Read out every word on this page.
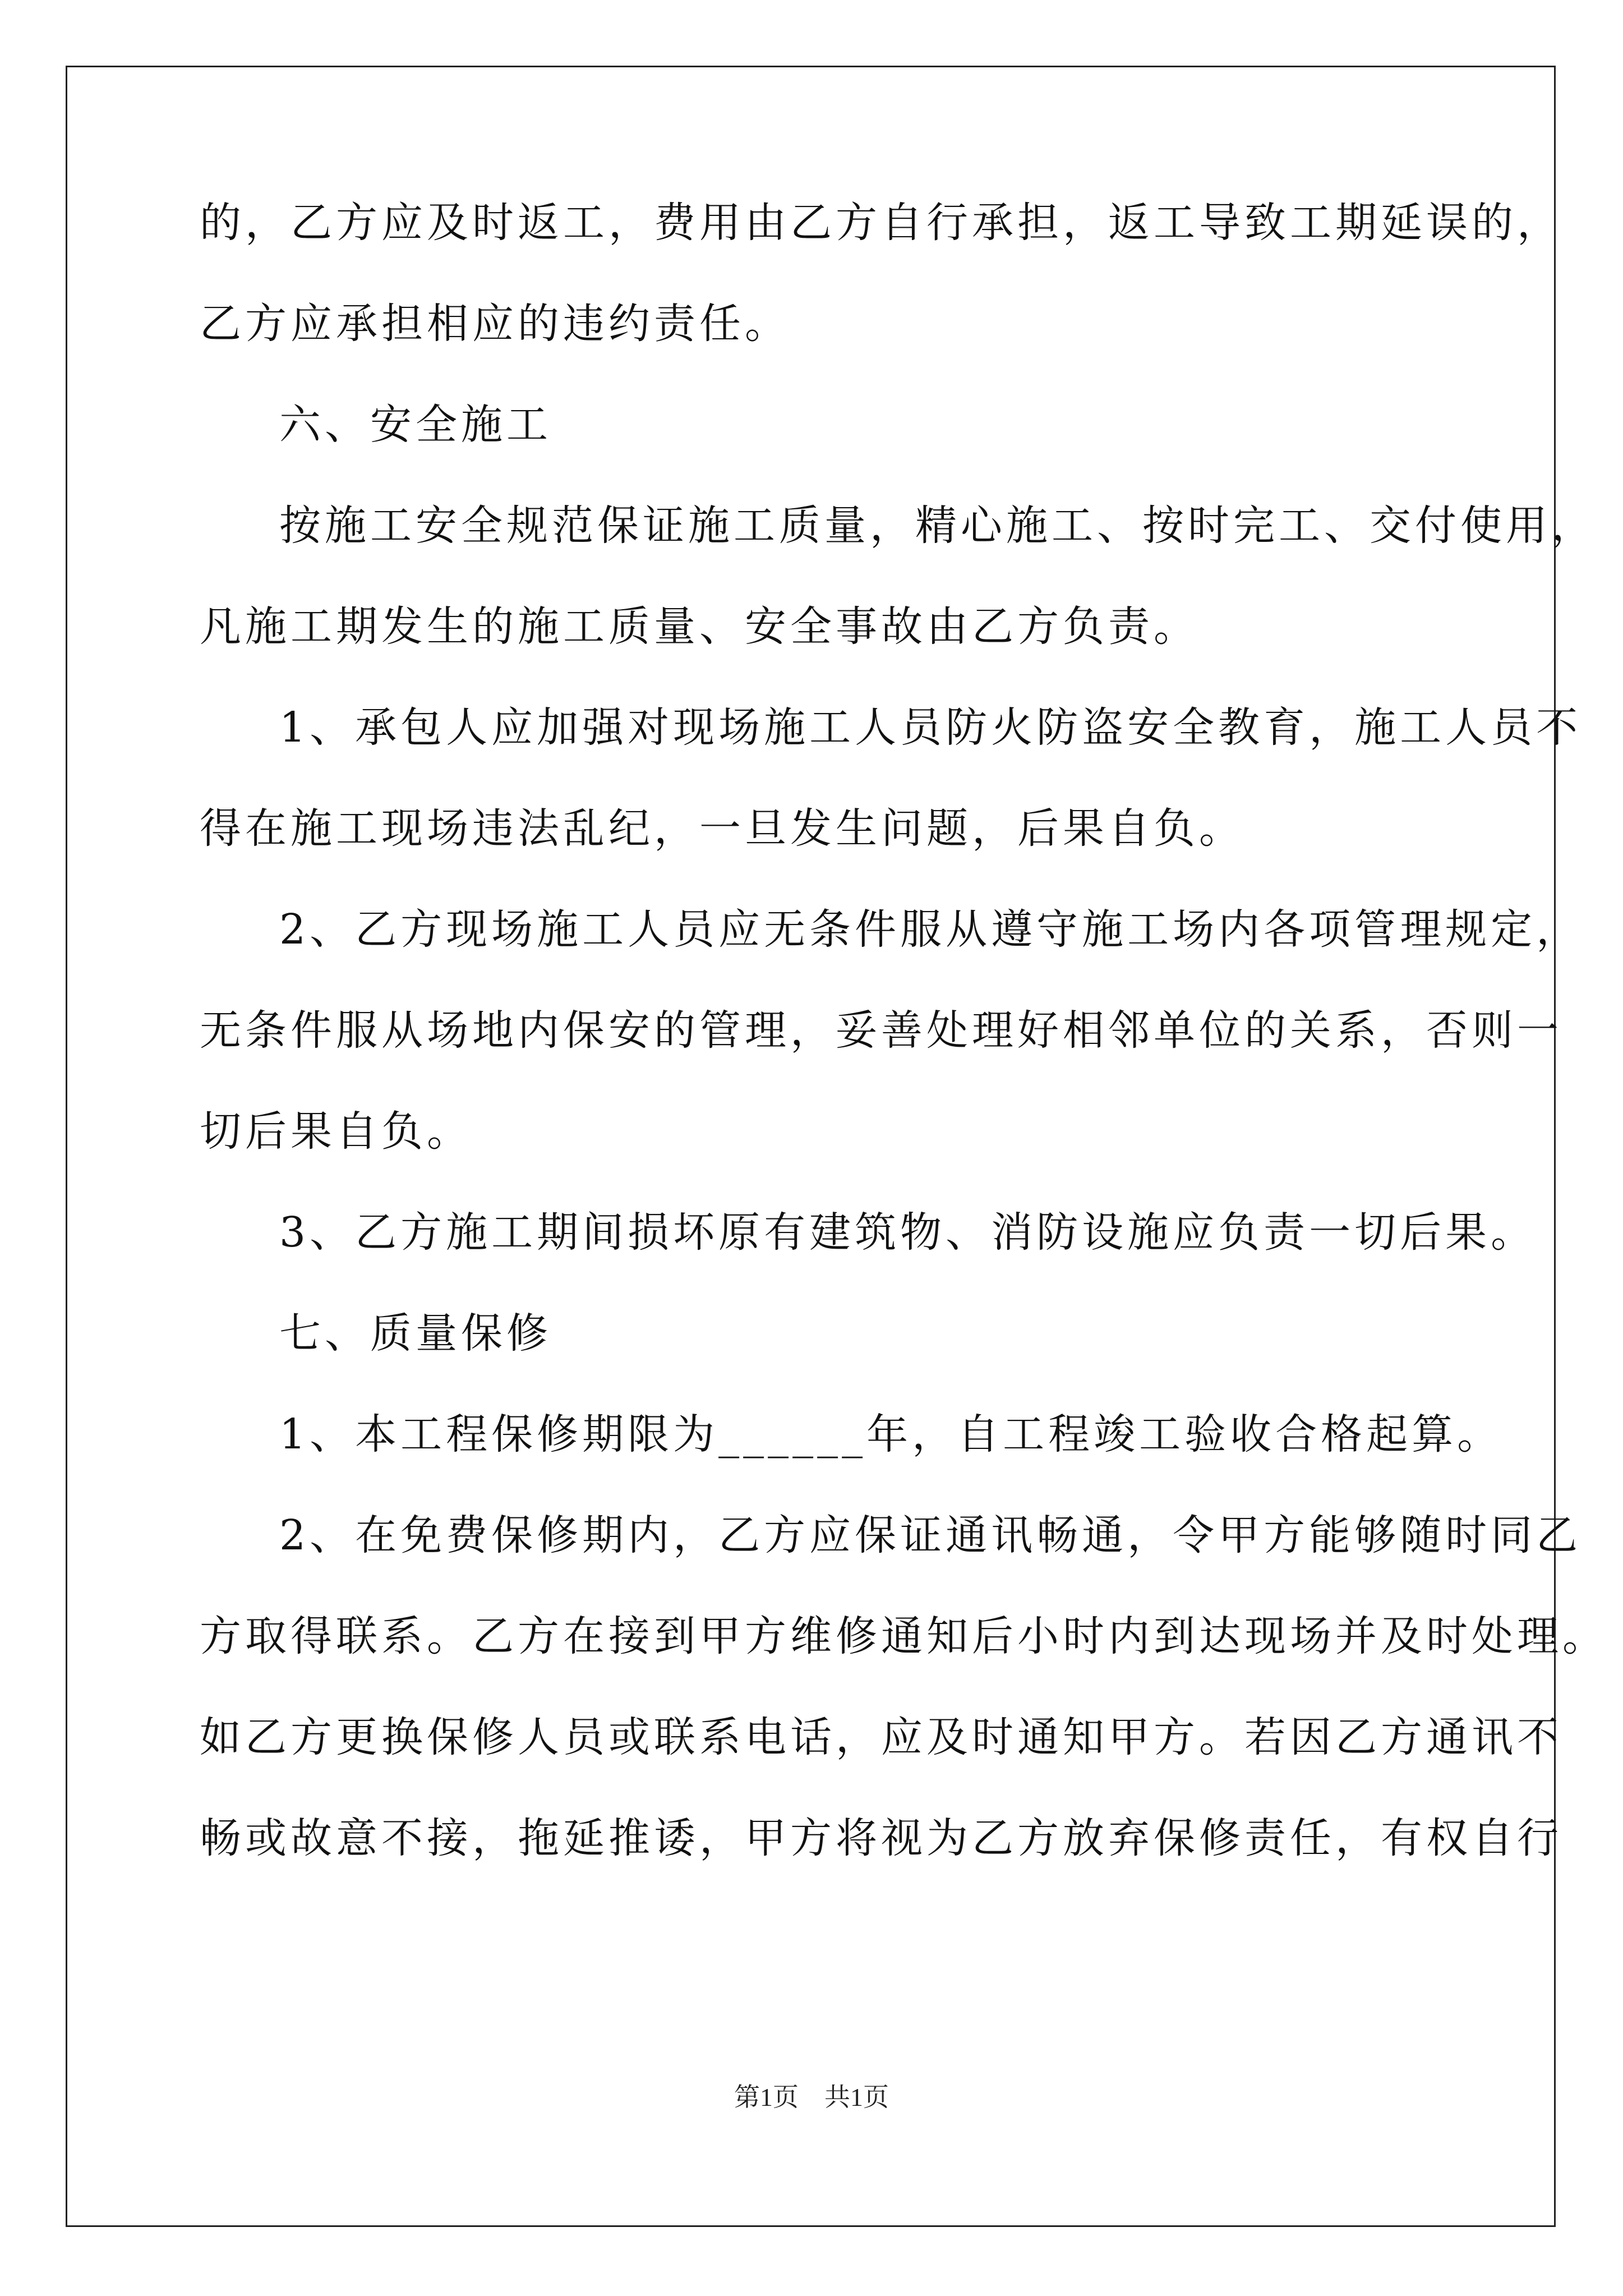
的，乙方应及时返工，费用由乙方自行承担，返工导致工期延误的，
乙方应承担相应的违约责任。
六、安全施工
按施工安全规范保证施工质量，精心施工、按时完工、交付使用，
凡施工期发生的施工质量、安全事故由乙方负责。
1、承包人应加强对现场施工人员防火防盗安全教育，施工人员不
得在施工现场违法乱纪，一旦发生问题，后果自负。
2、乙方现场施工人员应无条件服从遵守施工场内各项管理规定，
无条件服从场地内保安的管理，妥善处理好相邻单位的关系，否则一
切后果自负。
3、乙方施工期间损坏原有建筑物、消防设施应负责一切后果。
七、质量保修
1、本工程保修期限为______年，自工程竣工验收合格起算。
2、在免费保修期内，乙方应保证通讯畅通，令甲方能够随时同乙
方取得联系。乙方在接到甲方维修通知后小时内到达现场并及时处理。
如乙方更换保修人员或联系电话，应及时通知甲方。若因乙方通讯不
畅或故意不接，拖延推诿，甲方将视为乙方放弃保修责任，有权自行
第1页　共1页
